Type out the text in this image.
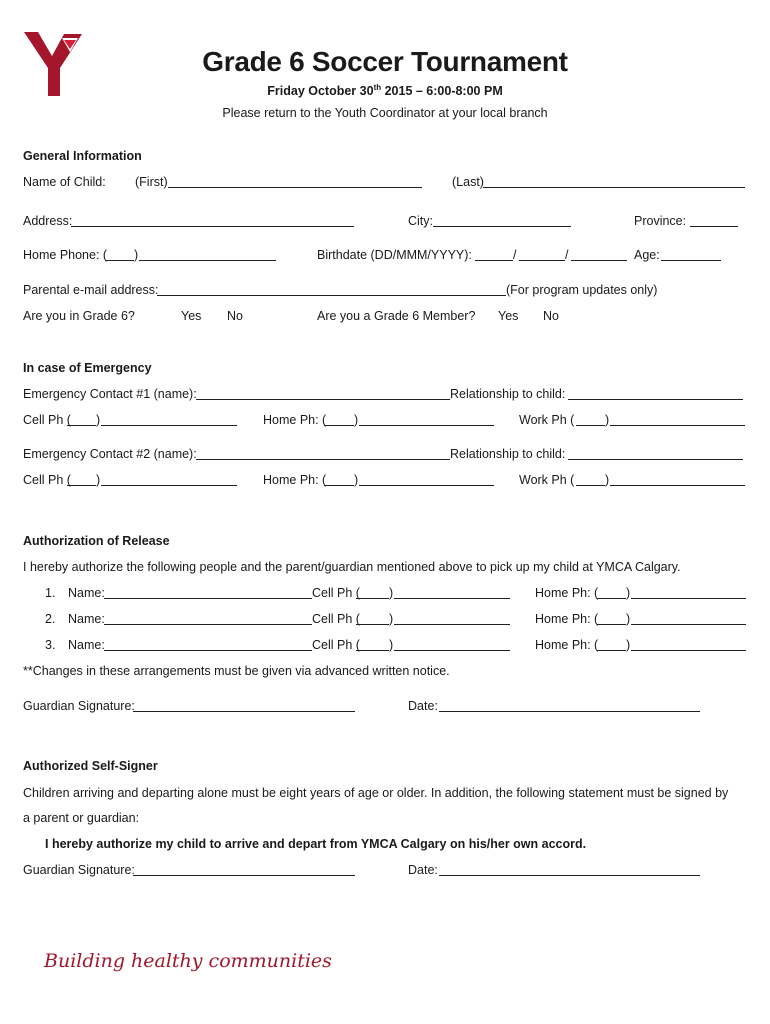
Grade 6 Soccer Tournament
Friday October 30th 2015 – 6:00-8:00 PM
Please return to the Youth Coordinator at your local branch
General Information
Name of Child: (First)	(Last)
Address:	City:	Province:
Home Phone: ( )	Birthdate (DD/MMM/YYYY):	/	/	Age:
Parental e-mail address:	(For program updates only)
Are you in Grade 6?	Yes No	Are you a Grade 6 Member? Yes No
In case of Emergency
Emergency Contact #1 (name):	Relationship to child:
Cell Ph ( )	Home Ph: ( )	Work Ph ( )
Emergency Contact #2 (name):	Relationship to child:
Cell Ph ( )	Home Ph: ( )	Work Ph ( )
Authorization of Release
I hereby authorize the following people and the parent/guardian mentioned above to pick up my child at YMCA Calgary.
1. Name:	Cell Ph ( )	Home Ph: ( )
2. Name:	Cell Ph ( )	Home Ph: ( )
3. Name:	Cell Ph ( )	Home Ph: ( )
**Changes in these arrangements must be given via advanced written notice.
Guardian Signature:	Date:
Authorized Self-Signer
Children arriving and departing alone must be eight years of age or older. In addition, the following statement must be signed by
a parent or guardian:
I hereby authorize my child to arrive and depart from YMCA Calgary on his/her own accord.
Guardian Signature:	Date:
Building healthy communities
